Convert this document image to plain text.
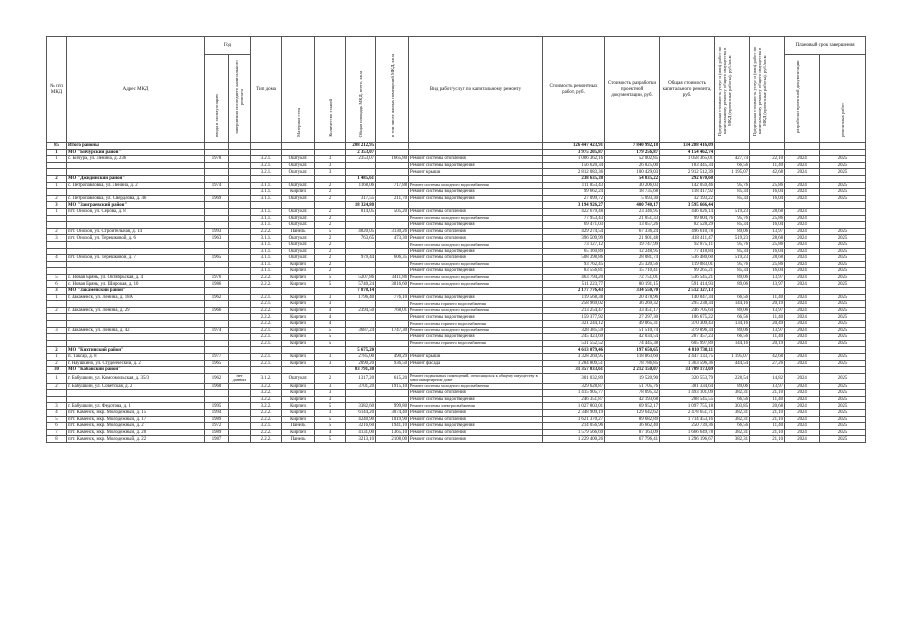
№ п/п МКД	Адрес МКД	Год		Тип дома	Материал стен	Количество этажей	Общая площадь МКД, всего, кв.м	в том числе жилых помещений МКД, кв.м	Вид работ/услуг по капитальному ремонту	Стоимость ремонтных работ, руб.	Стоимость разработки проектной документации, руб.	Общая стоимость капитального ремонта, руб.	Предельная стоимость услуг и (или) работ по капитальному ремонту общего имущества в МКД (проектные работы), руб./кв.м	Предельная стоимость услуг и (или) работ по капитальному ремонту общего имущества в МКД (проектные работы), руб./кв.м	Плановый срок завершения	
		ввода в эксплуатацию	завершения последнего капитального ремонта												разработки проектной документации	ремонтных работ
85	Итого районы						208 212,95			126 447 423,91	7 840 992,18	134 288 416,09				
1	МО "Бичурский район"						2 353,07			3 975 205,87	179 256,87	4 154 462,74				
1	с. Бичура, ул. Ленина, д. 236	1978		3.2.1.	Оштукат.	3	2353,07	1665,80	Ремонт системы отопления	1 006 362,16	52 002,85	1 058 365,01	427,74	22,10	2024	2025
				3.2.1.	Оштукат.	3			Ремонт системы водоотведения	156 620,34	26 825,00	183 445,34	66,56	11,40	2024	2025
				3.2.1.	Оштукат.	3			Ремонт крыши	2 812 083,36	100 429,03	2 912 512,39	1 195,07	42,68	2024	2025
2	МО "Джидинский район"						1 485,61			238 635,38	54 035,22	292 670,60				
1	с. Петропавловка, ул. Ленина, д. 2	1974		3.1.1.	Оштукат.	2	1168,06	717,88	Ремонт системы холодного водоснабжения	111 853,43	30 206,03	142 059,46	95,76	25,86	2024	2025
				3.1.1.	Кирпич	2			Ремонт системы водоотведения	99 662,24	18 735,68	118 417,92	85,34	16,04	2024	2025
2	с. Петропавловка, ул. Свердлова, д. 46	1969		3.1.1.	Оштукат.	2	317,55	211,70	Ремонт системы водоотведения	27 099,72	5 093,30	32 193,22	85,34	16,04	2024	2025
3	МО "Заиграевский район"						18 324,80			3 194 926,27	400 740,17	3 595 666,44				
1	пгт. Онохой, ул. Серова, д. 8			3.1.1.	Оштукат.	2	814,05	505,20	Ремонт системы отопления	422 679,48	23 346,95	446 026,14	519,23	28,68	2024	
				3.1.1.	Оштукат.	2			Ремонт системы холодного водоснабжения	77 953,43	21 051,33	99 004,76	95,76	25,86	2024	
				3.1.1.	Оштукат.	2			Ремонт системы водоотведения	69 471,03	13 057,26	82 528,29	85,34	16,04	2024	
2	пгт. Онохой, ул. Строительная, д. 14	1993		2.2.2.	Панель	5	4820,05	3130,26	Ремонт системы отопления	429 274,54	67 336,24	496 610,78	89,06	13,97	2024	2025
3	пгт. Онохой, ул. Терешковой, д. 6	1963		3.1.1.	Оштукат.	2	763,65	473,30	Ремонт системы отопления	396 509,99	21 901,48	418 411,47	519,23	28,68	2024	2025
				3.1.1.	Оштукат.	2			Ремонт системы холодного водоснабжения	73 127,12	19 747,99	92 875,11	95,76	25,86	2024	2025
				3.1.1.	Оштукат.	2			Ремонт системы водоотведения	65 169,89	12 248,95	77 418,84	85,34	16,04	2024	2025
4	пгт. Онохой, ул. Терешковой, д. 7	1965		3.1.1.	Оштукат.	2	979,44	606,35	Ремонт системы отопления	508 398,86	28 081,74	536 480,60	519,23	28,68	2024	2025
				3.1.1.	Кирпич	2			Ремонт системы холодного водоснабжения	93 762,45	25 320,56	119 083,01	95,76	25,86	2024	2025
				3.1.1.	Кирпич	2			Ремонт системы водоотведения	83 556,81	15 710,41	99 265,21	85,34	16,04	2024	2025
5	с. Новая Брянь, ул. Октябрьская, д. 4	1976		2.2.2.	Кирпич	5	5207,86	3411,86	Ремонт системы холодного водоснабжения	463 794,20	72 751,01	536 545,21	89,06	13,97	2024	2025
6	с. Новая Брянь, ул. Широкая, д. 10	1986		2.2.2.	Кирпич	5	5740,24	3816,60	Ремонт системы холодного водоснабжения	511 223,77	80 191,15	591 414,93	89,06	13,97	2024	2025
3	МО "Закаменский район"						7 878,14			2 177 776,43	334 550,70	2 512 327,13				
1	г. Закаменск, ул. Ленина, д. 18А	1962		2.2.1.	Кирпич	3	1796,40	776,10	Ремонт системы водоотведения	119 568,38	20 478,96	140 047,34	66,56	11,40	2024	2025
				2.2.1.	Кирпич	3			Ремонт системы горячего водоснабжения	258 969,02	36 269,32	295 238,34	144,16	20,19	2024	2025
2	г. Закаменск, ул. Ленина, д. 29	1966		2.2.2.	Кирпич	4	2394,50	768,01	Ремонт системы холодного водоснабжения	213 254,47	33 451,17	246 705,64	89,06	13,97	2024	2025
				2.2.2.	Кирпич	4			Ремонт системы водоотведения	159 377,92	27 297,30	186 675,22	66,56	11,40	2024	2025
				2.2.2.	Кирпич	4			Ремонт системы горячего водоснабжения	321 244,12	49 065,31	370 309,43	134,16	20,49	2024	2025
3	г. Закаменск, ул. Ленина, д. 42	1974		2.2.1.	Кирпич	5	3687,24	1747,30	Ремонт системы холодного водоснабжения	328 385,59	51 510,74	379 896,34	89,06	13,97	2024	2025
				2.2.1.	Кирпич	5			Ремонт системы водоотведения	245 423,69	42 034,54	287 457,23	66,56	11,40	2024	2025
				2.2.1.	Кирпич	5			Ремонт системы горячего водоснабжения	531 552,52	74 445,38	605 997,89	144,16	20,19	2024	2025
2	МО "Кяхтинский район"						5 675,20			4 613 079,46	197 650,65	4 810 730,11				
1	п. Таксар, д. 8	1977		2.2.1.	Кирпич	3	2785,00	490,29	Ремонт крыши	3 328 269,95	118 863,60	3 447 133,75	1 195,07	42,68	2024	2025
2	г. Наушкино, ул. Студенческий, д. 2	1965		2.2.1.	Кирпич	3	2890,20	936,50	Ремонт фасада	1 284 809,51	78 786,85	1 363 596,36	444,54	27,26	2024	2025
30	МО "Кабанский район"						83 791,30			31 357 033,61	2 212 150,07	33 709 173,69				
1	г. Бабушкин, ул. Комсомольская, д. 35/3	1962	нет данных	3.1.2.	Оштукат.	2	1317,20	615,20	Ремонт подвальных помещений, относящихся к общему имуществу в многоквартирном доме	301 032,89	19 520,90	320 553,79	228,54	14,82	2024	2025
2	г. Бабушкин, ул. Советская, д. 2	1968		3.2.2.	Кирпич	3	3701,20	1915,10	Ремонт системы холодного водоснабжения	329 628,87	51 705,76	381 334,64	89,06	13,97	2024	2025
				3.2.2.	Кирпич	3			Ремонт системы отопления	1 415 905,77	78 095,32	1 493 101,09	382,31	21,10	2024	2025
				3.2.2.	Кирпич	3			Ремонт системы водоотведения	246 351,87	42 193,68	288 545,55	66,56	11,40	2024	2025
3	г. Бабушкин, ул. Федотова, д. 1	1995		3.2.2.	Кирпич	5	3382,60	999,80	Ремонт системы электроснабжения	1 027 803,01	69 952,17	1 097 755,18	303,85	20,68	2024	2025
4	пгт. Каменск, мкр. Молодежный, д. 15	1994		2.2.2.	Кирпич	3	6144,20	3874,40	Ремонт системы отопления	2 348 909,19	129 642,62	2 478 651,71	382,31	21,10	2024	2025
5	пгт. Каменск, мкр. Молодежный, д. 17	1989		2.2.2.	Кирпич	5	4240,90	1819,90	Ремонт системы отопления	1 621 370,27	89 682,89	1 714 453,16	382,31	21,10	2024	2025
6	пгт. Каменск, мкр. Молодежный, д. 2	1972		3.2.1.	Панель	5	3216,60	1941,10	Ремонт системы водоотведения	214 056,96	36 662,40	250 739,36	66,56	11,40	2024	2025
7	пгт. Каменск, мкр. Молодежный, д. 20	1989		2.2.2.	Кирпич	4	4131,00	1365,10	Ремонт системы отопления	1 579 566,69	87 163,09	1 666 649,78	382,31	21,10	2024	2025
8	пгт. Каменск, мкр. Молодежный, д. 22	1987		2.2.2.	Панель	5	3213,10	2108,00	Ремонт системы отопления	1 229 400,26	67 796,41	1 296 196,67	382,31	21,10	2024	2025
